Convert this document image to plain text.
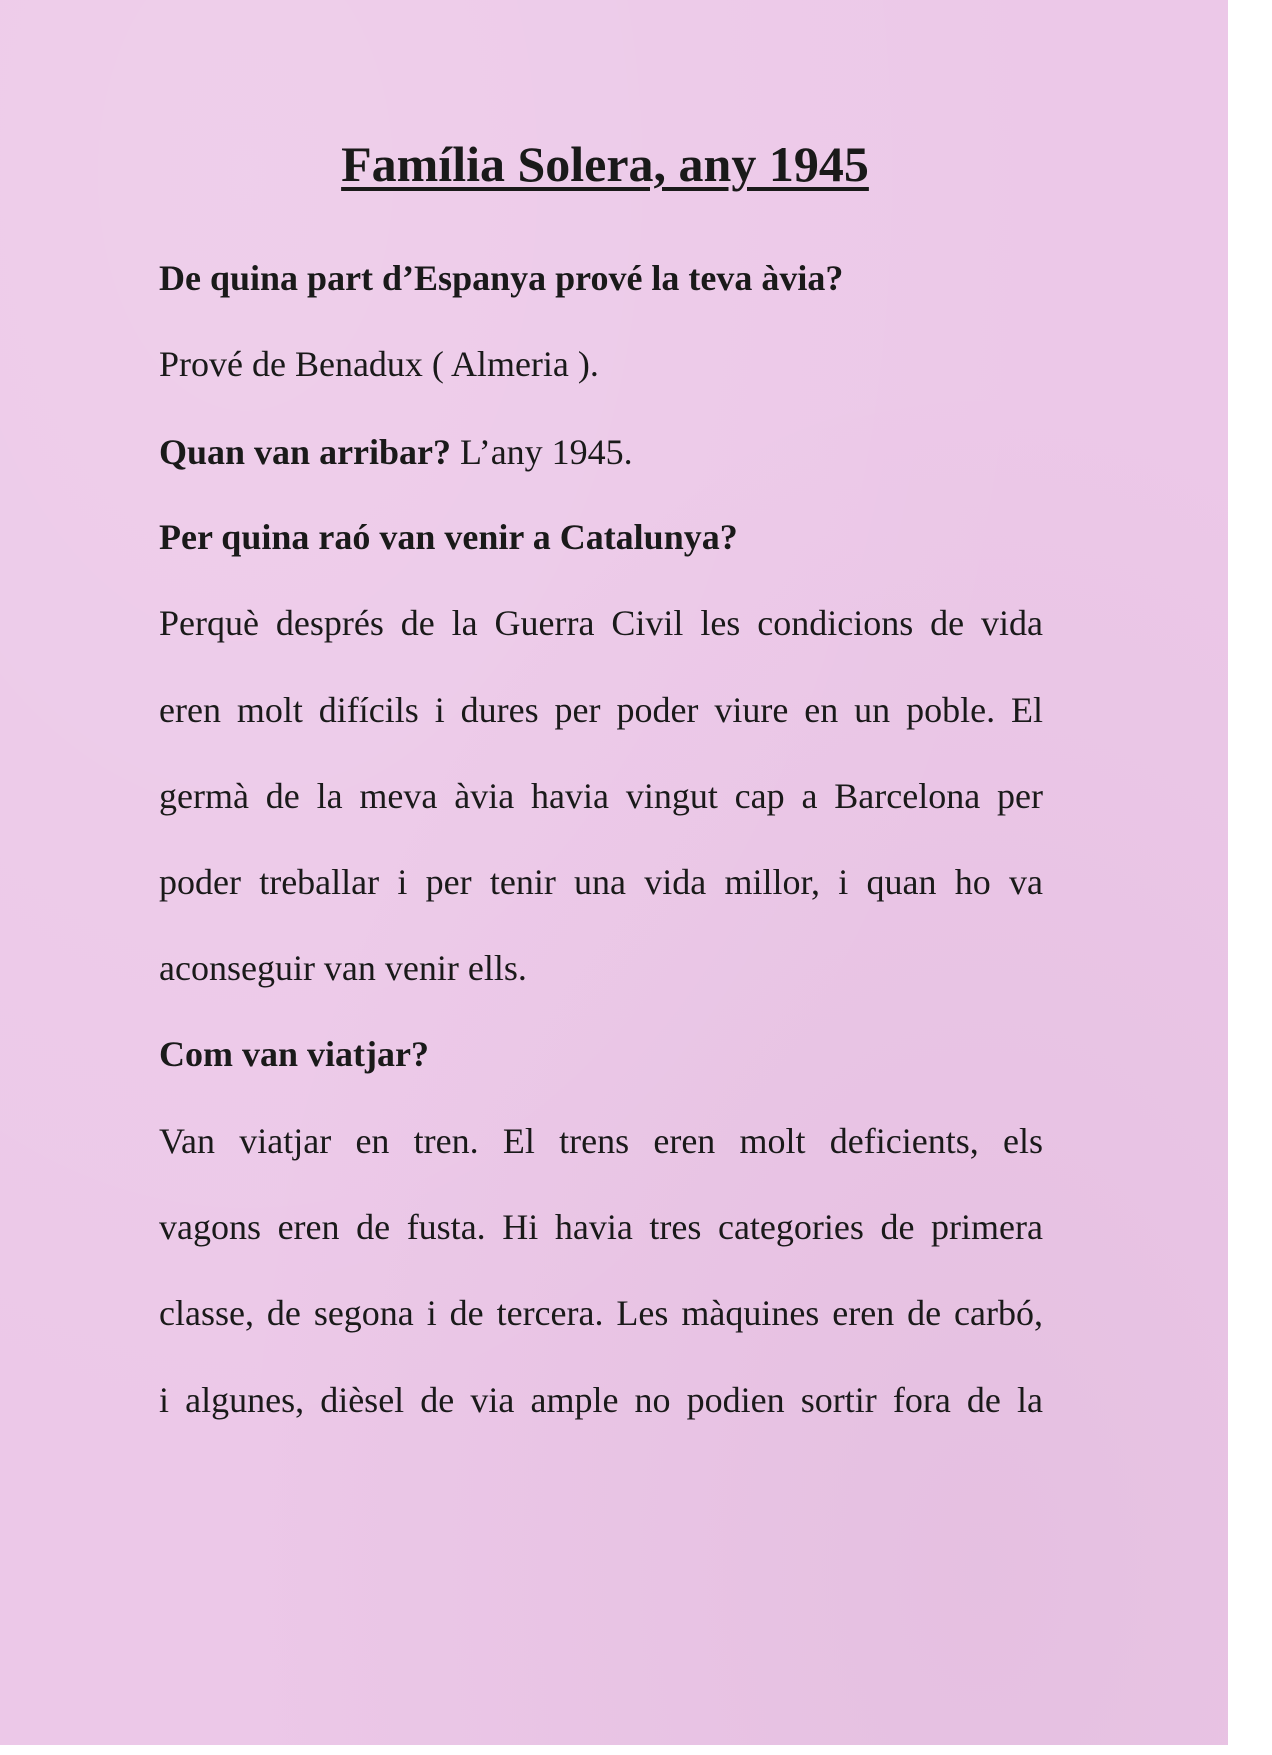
Família Solera, any 1945

De quina part d’Espanya prové la teva àvia?

Prové de Benadux ( Almeria ).

Quan van arribar? L’any 1945.

Per quina raó van venir a Catalunya?

Perquè després de la Guerra Civil les condicions de vida

eren molt difícils i dures per poder viure en un poble. El

germà de la meva àvia havia vingut cap a Barcelona per

poder treballar i per tenir una vida millor, i quan ho va

aconseguir van venir ells.

Com van viatjar?

Van viatjar en tren. El trens eren molt deficients, els

vagons eren de fusta. Hi havia tres categories de primera

classe, de segona i de tercera. Les màquines eren de carbó,

i algunes, dièsel de via ample no podien sortir fora de la
